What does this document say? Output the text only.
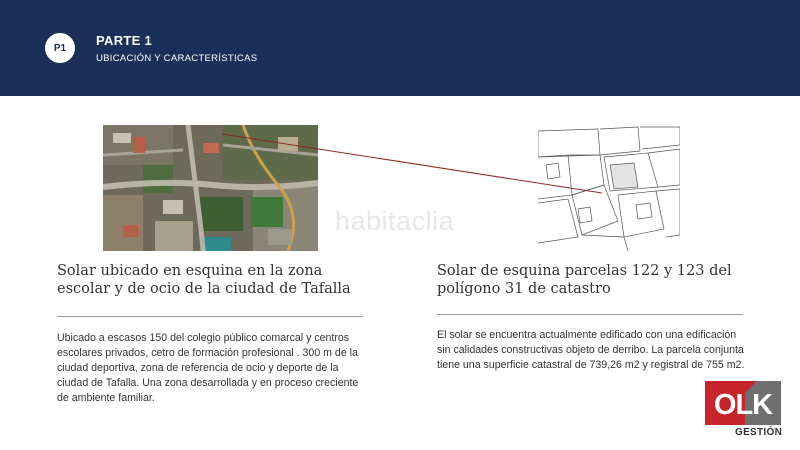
P1	PARTE 1
UBICACIÓN Y CARACTERÍSTICAS
·
habitaclia
Solar ubicado en esquina en la zona escolar y de ocio de la ciudad de Tafalla
Ubicado a escasos 150 del colegio público comarcal y centros escolares privados, cetro de formación profesional . 300 m de la ciudad deportiva, zona de referencia de ocio y deporte de la ciudad de Tafalla. Una zona desarrollada y en proceso creciente de ambiente familiar.
Solar de esquina parcelas 122 y 123 del polígono 31 de catastro
El solar se encuentra actualmente edificado con una edificación sin calidades constructivas objeto de derribo. La parcela conjunta tiene una superficie catastral de 739,26 m2 y registral de 755 m2.
OLK
GESTIÓN
